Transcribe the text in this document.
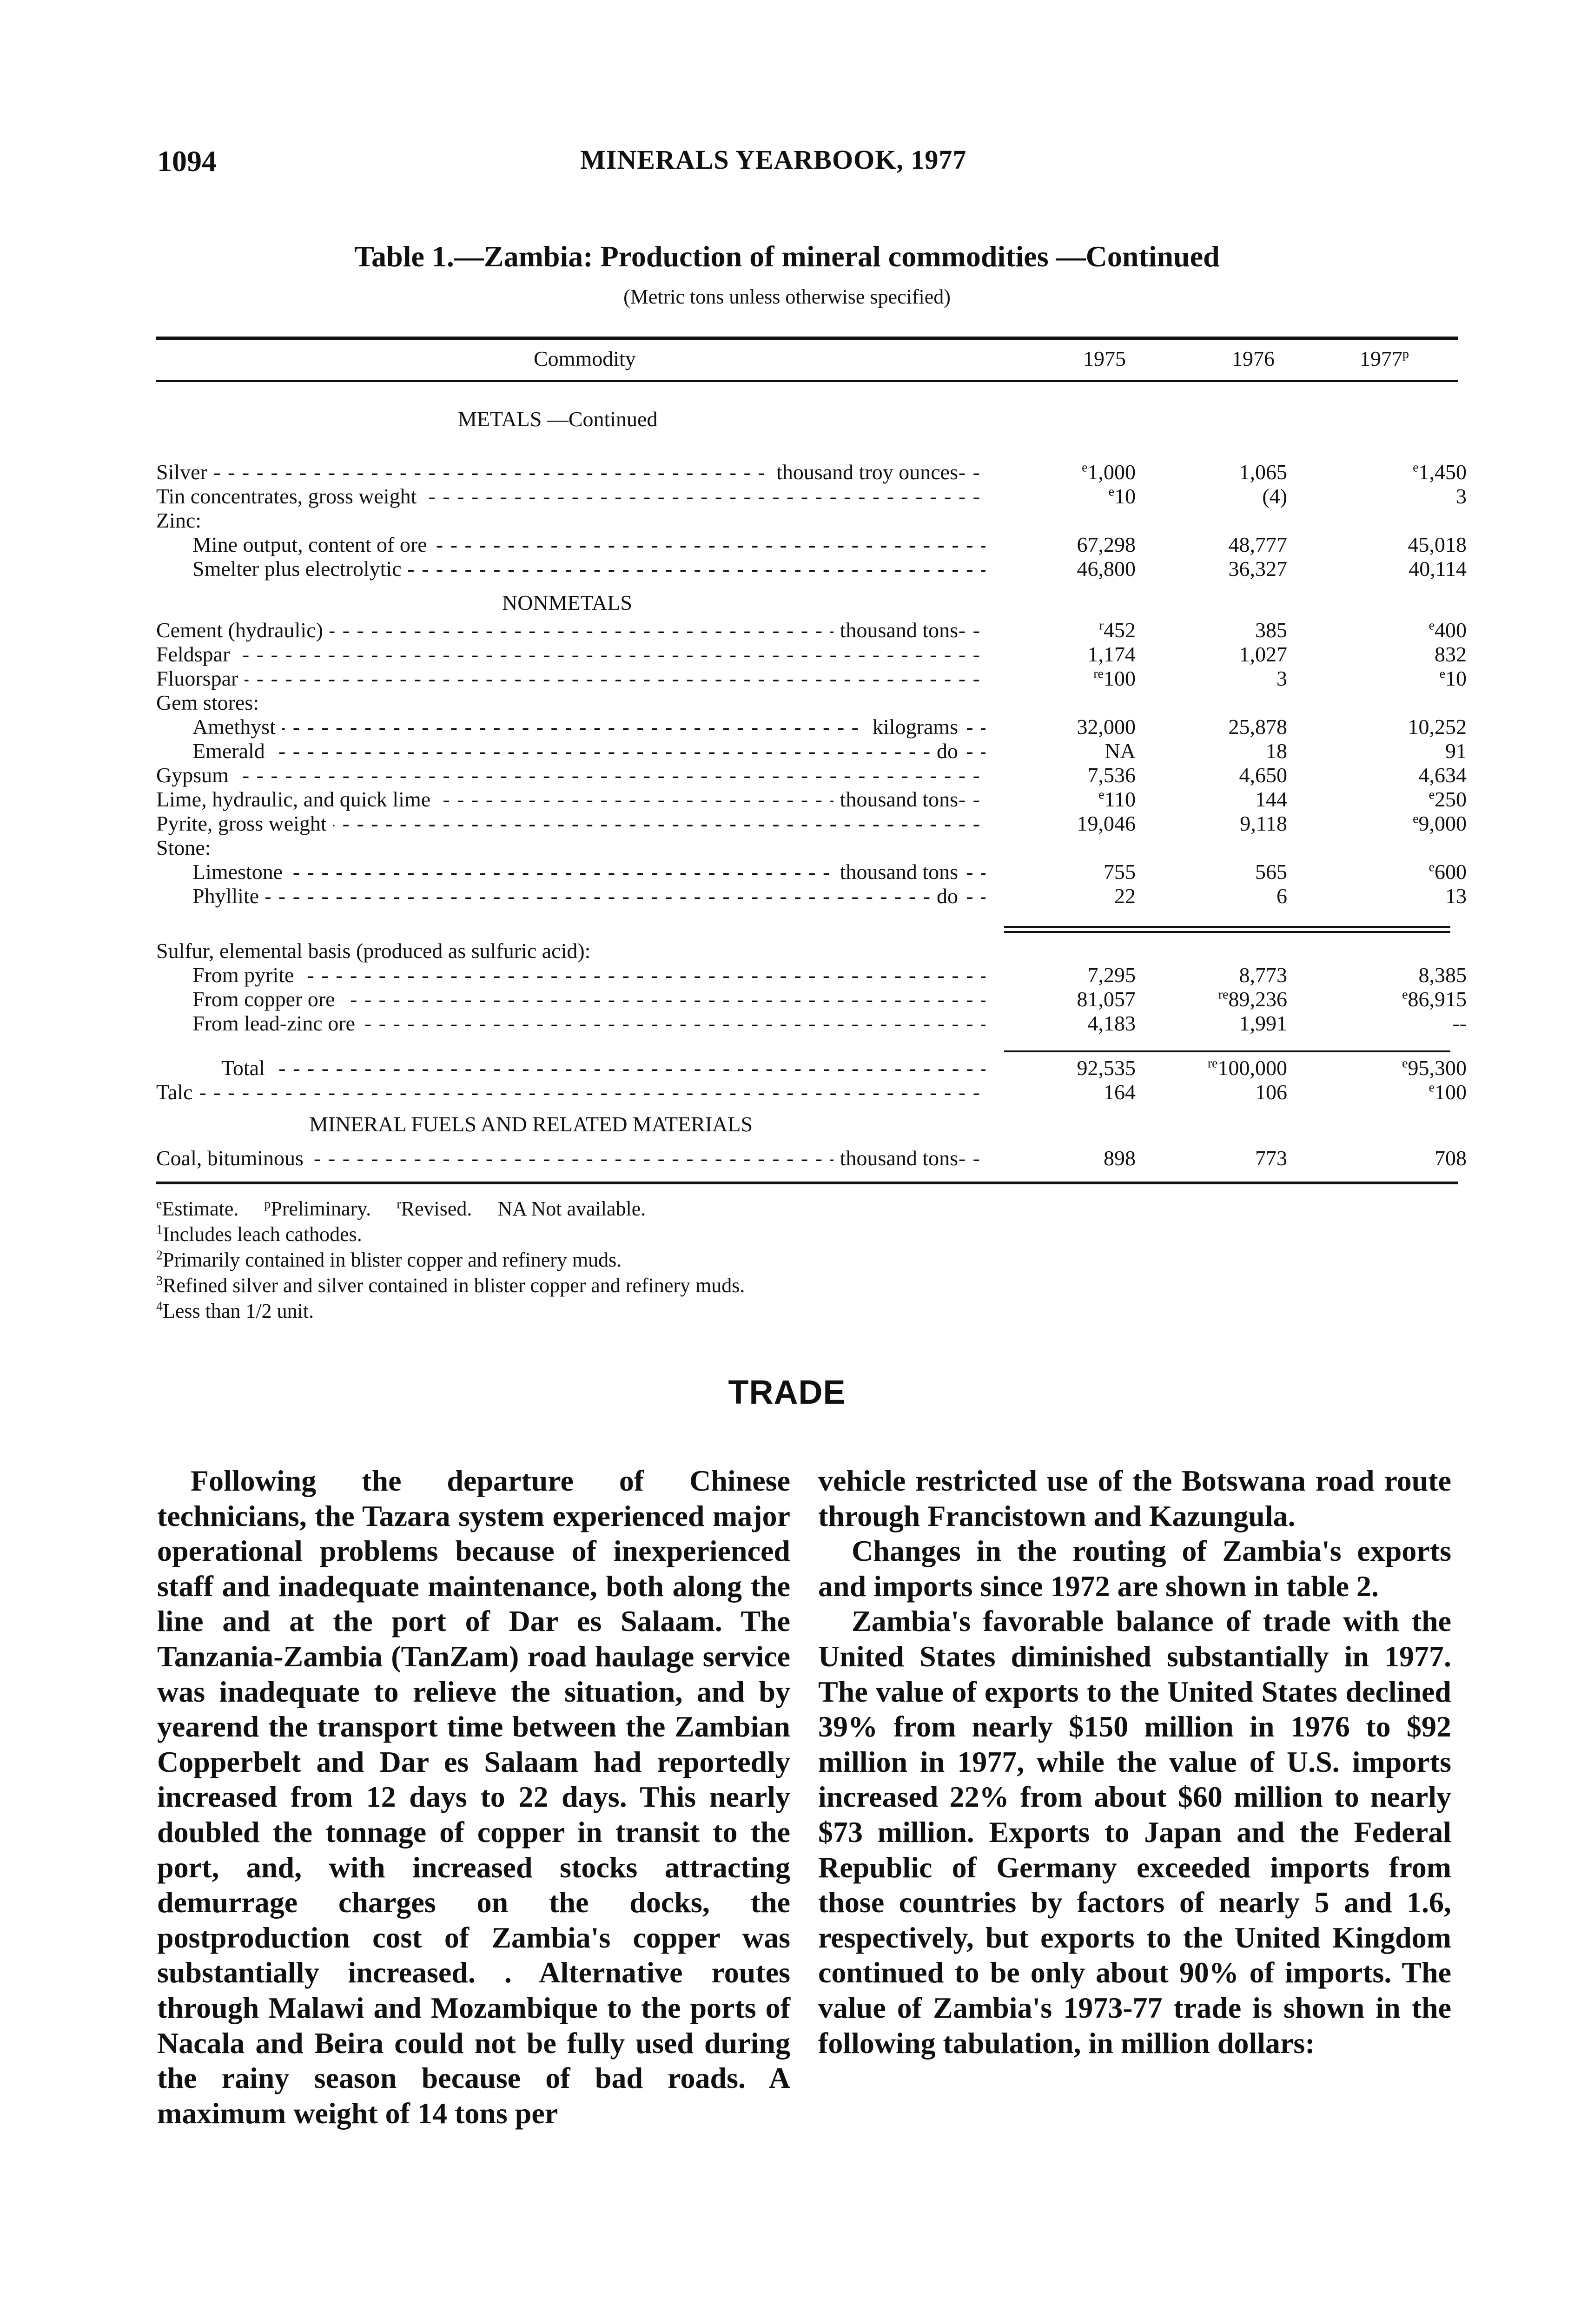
1094	MINERALS YEARBOOK, 1977
Table 1.—Zambia: Production of mineral commodities —Continued
(Metric tons unless otherwise specified)
Commodity	1975	1976	1977$^p$
METALS —Continued
Silver - - -	thousand troy ounces	$^e$1,000	1,065	$^e$1,450
Tin concentrates, gross weight - - -	$^e$10	(4)	3
Zinc:
Mine output, content of ore - - -	67,298	48,777	45,018
Smelter plus electrolytic - - -	46,800	36,327	40,114
Cement (hydraulic) - - -	thousand tons	$^r$452	385	$^e$400
Feldspar - - -	1,174	1,027	832
Fluorspar - - -	$^{re}$100	3	$^e$10
Gem stores:
Amethyst - - -	kilograms	32,000	25,878	10,252
Emerald - - -	do	NA	18	91
Gypsum - - -	7,536	4,650	4,634
Lime, hydraulic, and quick lime - - -	thousand tons	$^e$110	144	$^e$250
Pyrite, gross weight - - -	19,046	9,118	$^e$9,000
Stone:
Limestone - - -	thousand tons	755	565	$^e$600
Phyllite - - -	do	22	6	13
Sulfur, elemental basis (produced as sulfuric acid):
From pyrite - - -	7,295	8,773	8,385
From copper ore - - -	81,057	$^{re}$89,236	$^e$86,915
From lead-zinc ore - - -	4,183	1,991	--
Total - - -	92,535	$^{re}$100,000	$^e$95,300
Talc - - -	164	106	$^e$100
Coal, bituminous - - -	thousand tons	898	773	708
NONMETALS
MINERAL FUELS AND RELATED MATERIALS
$^e$Estimate. $^p$Preliminary. $^r$Revised. NA Not available.
$^1$Includes leach cathodes.
$^2$Primarily contained in blister copper and refinery muds.
$^3$Refined silver and silver contained in blister copper and refinery muds.
$^4$Less than 1/2 unit.
TRADE

Following the departure of Chinese technicians, the Tazara system experienced major operational problems because of inexperienced staff and inadequate maintenance, both along the line and at the port of Dar es Salaam. The Tanzania-Zambia (TanZam) road haulage service was inadequate to relieve the situation, and by yearend the transport time between the Zambian Copperbelt and Dar es Salaam had reportedly increased from 12 days to 22 days. This nearly doubled the tonnage of copper in transit to the port, and, with increased stocks attracting demurrage charges on the docks, the postproduction cost of Zambia's copper was substantially increased. . Alternative routes through Malawi and Mozambique to the ports of Nacala and Beira could not be fully used during the rainy season because of bad roads. A maximum weight of 14 tons per

vehicle restricted use of the Botswana road route through Francistown and Kazungula.

Changes in the routing of Zambia's exports and imports since 1972 are shown in table 2.

Zambia's favorable balance of trade with the United States diminished substantially in 1977. The value of exports to the United States declined 39% from nearly $150 million in 1976 to $92 million in 1977, while the value of U.S. imports increased 22% from about $60 million to nearly $73 million. Exports to Japan and the Federal Republic of Germany exceeded imports from those countries by factors of nearly 5 and 1.6, respectively, but exports to the United Kingdom continued to be only about 90% of imports. The value of Zambia's 1973-77 trade is shown in the following tabulation, in million dollars:
